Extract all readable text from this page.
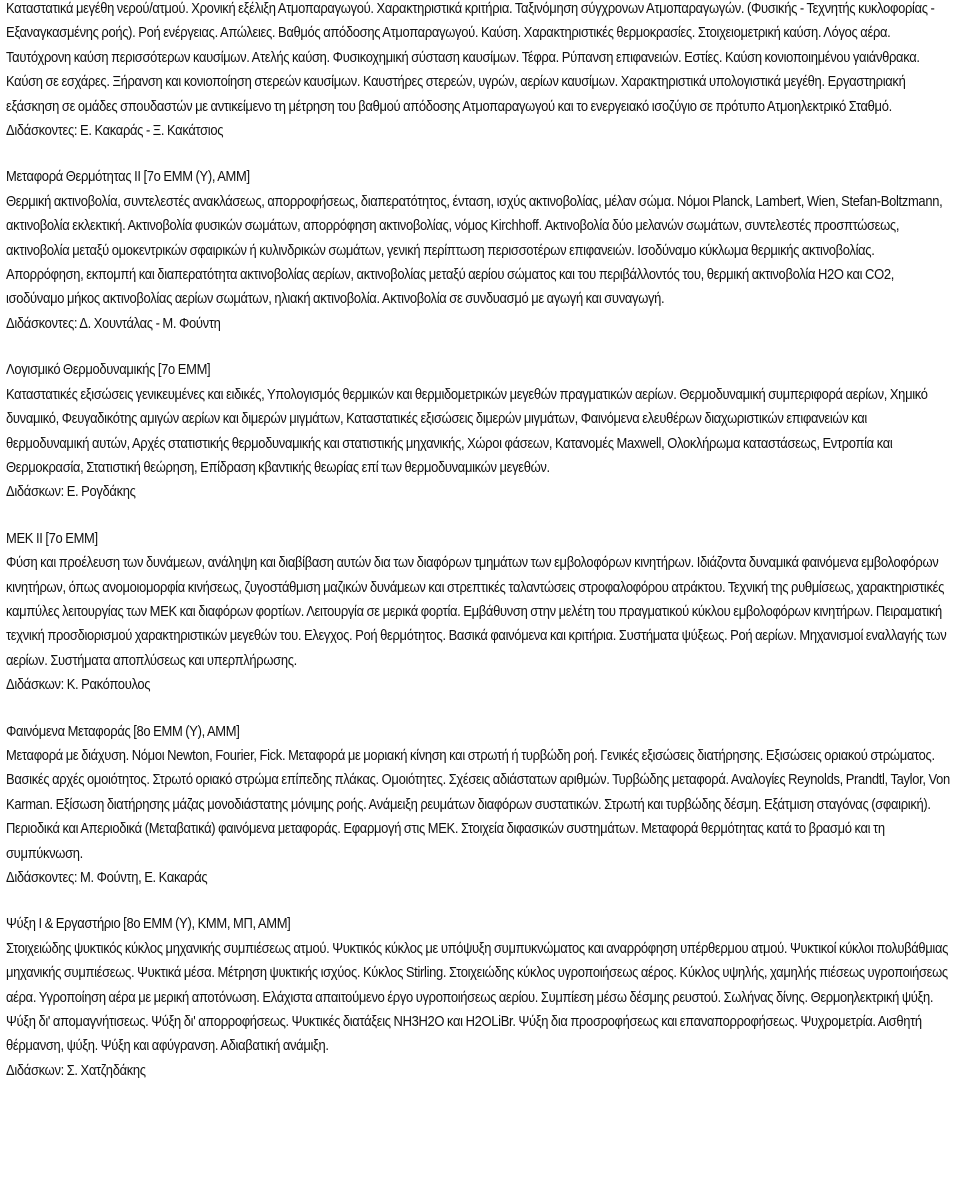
Καταστατικά μεγέθη νερού/ατμού. Χρονική εξέλιξη Ατμοπαραγωγού. Χαρακτηριστικά κριτήρια. Ταξινόμηση σύγχρονων Ατμοπαραγωγών. (Φυσικής - Τεχνητής κυκλοφορίας - Εξαναγκασμένης ροής). Ροή ενέργειας. Απώλειες. Βαθμός απόδοσης Ατμοπαραγωγού. Καύση. Χαρακτηριστικές θερμοκρασίες. Στοιχειομετρική καύση. Λόγος αέρα. Ταυτόχρονη καύση περισσότερων καυσίμων. Ατελής καύση. Φυσικοχημική σύσταση καυσίμων. Τέφρα. Ρύπανση επιφανειών. Εστίες. Καύση κονιοποιημένου γαιάνθρακα. Καύση σε εσχάρες. Ξήρανση και κονιοποίηση στερεών καυσίμων. Καυστήρες στερεών, υγρών, αερίων καυσίμων. Χαρακτηριστικά υπολογιστικά μεγέθη. Εργαστηριακή εξάσκηση σε ομάδες σπουδαστών με αντικείμενο τη μέτρηση του βαθμού απόδοσης Ατμοπαραγωγού και το ενεργειακό ισοζύγιο σε πρότυπο Ατμοηλεκτρικό Σταθμό.
Διδάσκοντες: Ε. Κακαράς - Ξ. Κακάτσιος
Μεταφορά Θερμότητας ΙΙ [7ο ΕΜΜ (Υ), ΑΜΜ]
Θερμική ακτινοβολία, συντελεστές ανακλάσεως, απορροφήσεως, διαπερατότητος, ένταση, ισχύς ακτινοβολίας, μέλαν σώμα. Νόμοι Planck, Lambert, Wien, Stefan-Boltzmann, ακτινοβολία εκλεκτική. Ακτινοβολία φυσικών σωμάτων, απορρόφηση ακτινοβολίας, νόμος Kirchhoff. Ακτινοβολία δύο μελανών σωμάτων, συντελεστές προσπτώσεως, ακτινοβολία μεταξύ ομοκεντρικών σφαιρικών ή κυλινδρικών σωμάτων, γενική περίπτωση περισσοτέρων επιφανειών. Ισοδύναμο κύκλωμα θερμικής ακτινοβολίας. Απορρόφηση, εκπομπή και διαπερατότητα ακτινοβολίας αερίων, ακτινοβολίας μεταξύ αερίου σώματος και του περιβάλλοντός του, θερμική ακτινοβολία Η2Ο και CO2, ισοδύναμο μήκος ακτινοβολίας αερίων σωμάτων, ηλιακή ακτινοβολία. Ακτινοβολία σε συνδυασμό με αγωγή και συναγωγή.
Διδάσκοντες: Δ. Χουντάλας - Μ. Φούντη
Λογισμικό Θερμοδυναμικής [7ο ΕΜΜ]
Καταστατικές εξισώσεις γενικευμένες και ειδικές, Υπολογισμός θερμικών και θερμιδομετρικών μεγεθών πραγματικών αερίων. Θερμοδυναμική συμπεριφορά αερίων, Χημικό δυναμικό, Φευγαδικότης αμιγών αερίων και διμερών μιγμάτων, Καταστατικές εξισώσεις διμερών μιγμάτων, Φαινόμενα ελευθέρων διαχωριστικών επιφανειών και θερμοδυναμική αυτών, Αρχές στατιστικής θερμοδυναμικής και στατιστικής μηχανικής, Χώροι φάσεων, Κατανομές Maxwell, Ολοκλήρωμα καταστάσεως, Εντροπία και Θερμοκρασία, Στατιστική θεώρηση, Επίδραση κβαντικής θεωρίας επί των θερμοδυναμικών μεγεθών.
Διδάσκων: Ε. Ρογδάκης
ΜΕΚ ΙΙ [7ο ΕΜΜ]
Φύση και προέλευση των δυνάμεων, ανάληψη και διαβίβαση αυτών δια των διαφόρων τμημάτων των εμβολοφόρων κινητήρων. Ιδιάζοντα δυναμικά φαινόμενα εμβολοφόρων κινητήρων, όπως ανομοιομορφία κινήσεως, ζυγοστάθμιση μαζικών δυνάμεων και στρεπτικές ταλαντώσεις στροφαλοφόρου ατράκτου. Τεχνική της ρυθμίσεως, χαρακτηριστικές καμπύλες λειτουργίας των ΜΕΚ και διαφόρων φορτίων. Λειτουργία σε μερικά φορτία. Εμβάθυνση στην μελέτη του πραγματικού κύκλου εμβολοφόρων κινητήρων. Πειραματική τεχνική προσδιορισμού χαρακτηριστικών μεγεθών του. Ελεγχος. Ροή θερμότητος. Βασικά φαινόμενα και κριτήρια. Συστήματα ψύξεως. Ροή αερίων. Μηχανισμοί εναλλαγής των αερίων. Συστήματα αποπλύσεως και υπερπλήρωσης.
Διδάσκων: Κ. Ρακόπουλος
Φαινόμενα Μεταφοράς [8ο ΕΜΜ (Υ), ΑΜΜ]
Μεταφορά με διάχυση. Νόμοι Newton, Fourier, Fick. Μεταφορά με μοριακή κίνηση και στρωτή ή τυρβώδη ροή. Γενικές εξισώσεις διατήρησης. Εξισώσεις οριακού στρώματος. Βασικές αρχές ομοιότητος. Στρωτό οριακό στρώμα επίπεδης πλάκας. Ομοιότητες. Σχέσεις αδιάστατων αριθμών. Τυρβώδης μεταφορά. Αναλογίες Reynolds, Prandtl, Taylor, Von Karman. Εξίσωση διατήρησης μάζας μονοδιάστατης μόνιμης ροής. Ανάμειξη ρευμάτων διαφόρων συστατικών. Στρωτή και τυρβώδης δέσμη. Εξάτμιση σταγόνας (σφαιρική). Περιοδικά και Απεριοδικά (Μεταβατικά) φαινόμενα μεταφοράς. Εφαρμογή στις ΜΕΚ. Στοιχεία διφασικών συστημάτων. Μεταφορά θερμότητας κατά το βρασμό και τη συμπύκνωση.
Διδάσκοντες: Μ. Φούντη, Ε. Κακαράς
Ψύξη Ι & Εργαστήριο [8ο ΕΜΜ (Υ), ΚΜΜ, ΜΠ, ΑΜΜ]
Στοιχειώδης ψυκτικός κύκλος μηχανικής συμπιέσεως ατμού. Ψυκτικός κύκλος με υπόψυξη συμπυκνώματος και αναρρόφηση υπέρθερμου ατμού. Ψυκτικοί κύκλοι πολυβάθμιας μηχανικής συμπιέσεως. Ψυκτικά μέσα. Μέτρηση ψυκτικής ισχύος. Κύκλος Stirling. Στοιχειώδης κύκλος υγροποιήσεως αέρος. Κύκλος υψηλής, χαμηλής πιέσεως υγροποιήσεως αέρα. Υγροποίηση αέρα με μερική αποτόνωση. Ελάχιστα απαιτούμενο έργο υγροποιήσεως αερίου. Συμπίεση μέσω δέσμης ρευστού. Σωλήνας δίνης. Θερμοηλεκτρική ψύξη. Ψύξη δι' απομαγνήτισεως. Ψύξη δι' απορροφήσεως. Ψυκτικές διατάξεις ΝΗ3Η2Ο και Η2ΟLiBr. Ψύξη δια προσροφήσεως και επαναπορροφήσεως. Ψυχρομετρία. Αισθητή θέρμανση, ψύξη. Ψύξη και αφύγρανση. Αδιαβατική ανάμιξη.
Διδάσκων: Σ. Χατζηδάκης
